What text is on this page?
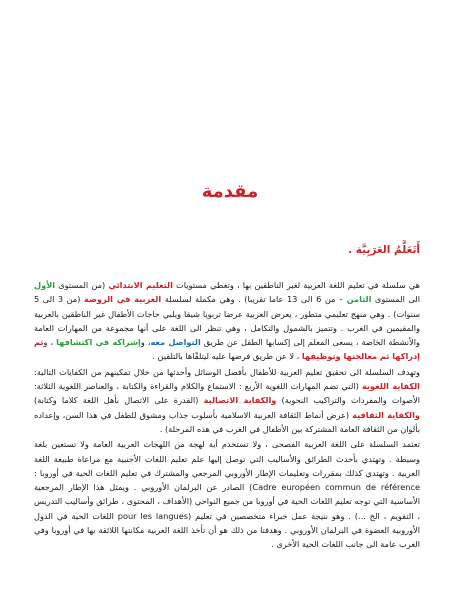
مقدمة
أَتَعَلَّمُ العَرَبِيَّة .

هي سلسلة في تعليم اللغة العربية لغير الناطقين بها ، وتغطي مستويات التعليم الابتدائي (من المستوى الأول الى المستوى الثامن – من 6 الى 13 عاما تقريبا) . وهي مكملة لسلسلة العربية في الروضة (من 3 الى 5 سنوات) . وهي منهج تعليمي متطور ، يعرض العربية عرضا تربويا شيقا ويلبي حاجات الأطفال غير الناطقين بالعربية والمقيمين في الغرب . وتتميز بالشمول والتكامل ، وهي تنظر الى اللغة على أنها مجموعة من المهارات العامة والأنشطة الخاصة ، يسعى المعلم إلى إكسابها الطفل عن طريق التواصل معه، وإشراكه في اكتشافها ، وثم إدراكها ثم معالجتها وتوظيفها ، لا عن طريق فرضها عليه ليتلقّاها بالتلقين .

وتهدف السلسلة الى تحقيق تعليم العربية للأطفال بأفضل الوسائل وأحدثها من خلال تمكينهم من الكفايات التالية: الكفاية اللغوية (التي تضم المهارات اللغوية الأربع : الاستماع والكلام والقراءة والكتابة ، والعناصر اللغوية الثلاثة: الأصوات والمفردات والتراكيب النحوية) والكفاية الاتصالية (القدرة على الاتصال بأهل اللغة كلاما وكتابة) والكفاية الثقافية (عرض أنماط الثقافة العربية الاسلامية بأسلوب جذاب ومشوق للطفل في هذا السن، وإعداده بألوان من الثقافة العامة المشتركة بين الأطفال في الغرب في هذه المرحلة) .

تعتمد السلسلة على اللغة العربية الفصحى ، ولا تستخدم أية لهجة من اللهجات العربية العامة ولا تستعين بلغة وسيطة . وتهتدي بأحدث الطرائق والأساليب التي توصل إليها علم تعليم اللغات الأجنبية مع مراعاة طبيعة اللغة العربية . وتهتدي كذلك بمقررات وتعليمات الإطار الأوروبي المرجعي والمشترك في تعليم اللغات الحية في أوروبا : (Cadre européen commun de référence الصادر عن البرلمان الأوروبي . ويمثل هذا الإطار المرجعية الأساسية التي توجه تعليم اللغات الحية في أوروبا من جميع النواحي (الأهداف ، المحتوى ، طرائق وأساليب التدريس ، التقويم ، الخ ...) . وهو نتيجة عمل خبراء متخصصين في تعليم pour les langues) اللغات الحية في الدول الأوروبية العضوة في البرلمان الأوروبي . وهدفنا من ذلك هو أن تأخذ اللغة العربية مكانتها اللائقة بها في أوروبا وفي الغرب عامة الى جانب اللغات الحية الأخرى .
